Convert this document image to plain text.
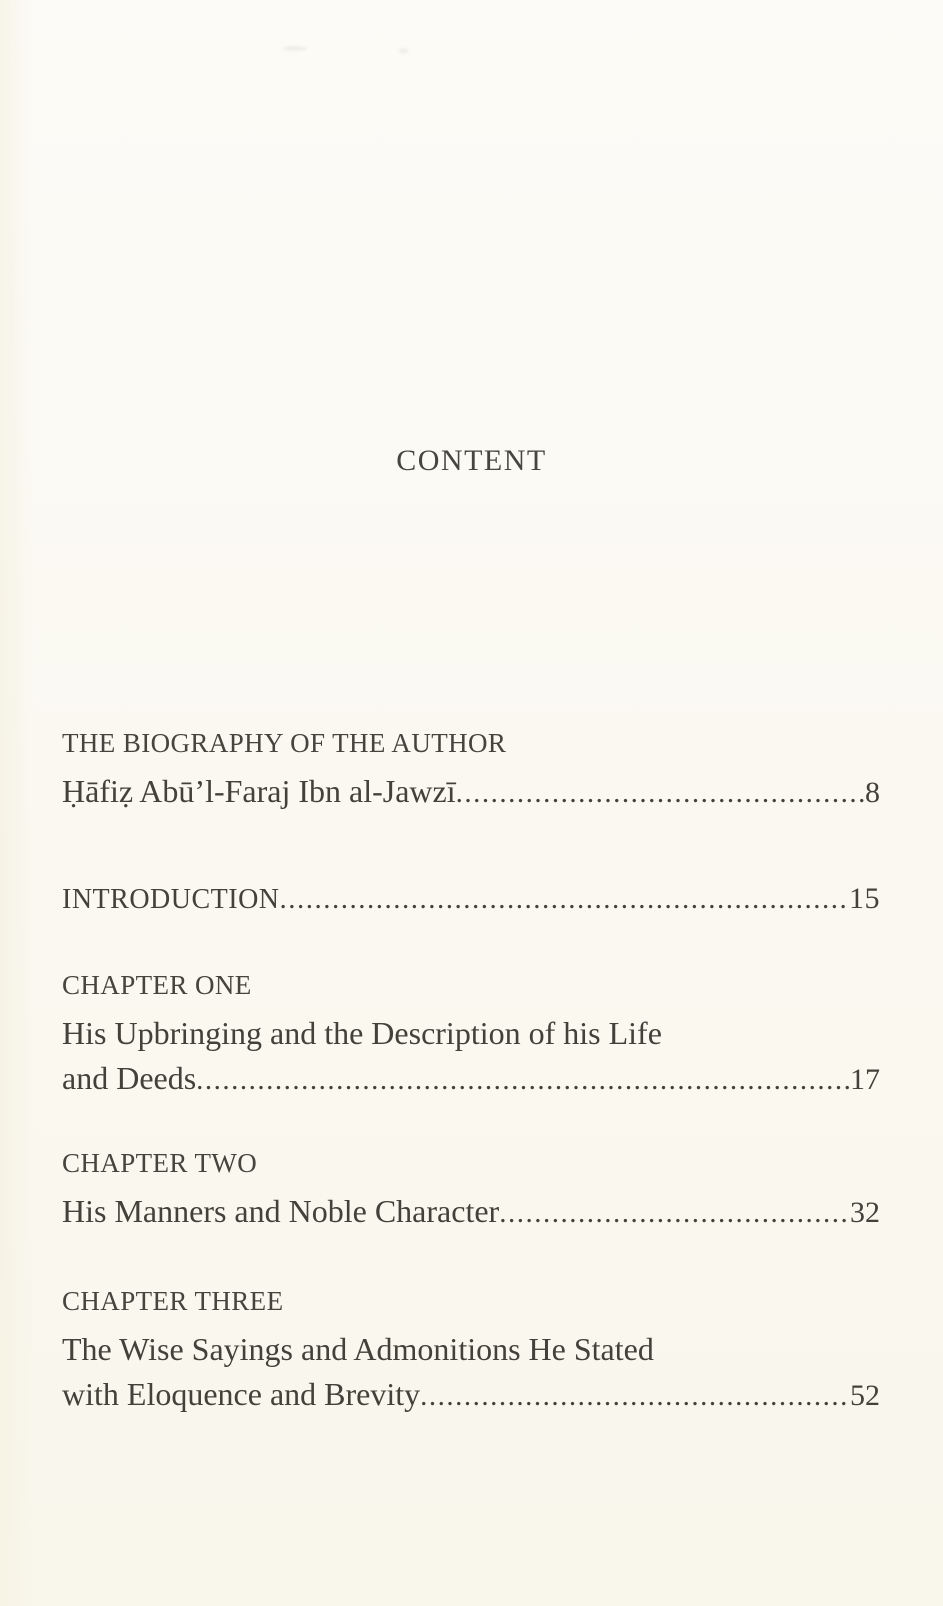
CONTENT
THE BIOGRAPHY OF THE AUTHOR
Ḥāfiẓ Abū’l-Faraj Ibn al-Jawzī .....	8
INTRODUCTION .....	15
CHAPTER ONE
His Upbringing and the Description of his Life
and Deeds .....	17
CHAPTER TWO
His Manners and Noble Character .....	32
CHAPTER THREE
The Wise Sayings and Admonitions He Stated
with Eloquence and Brevity .....	52
